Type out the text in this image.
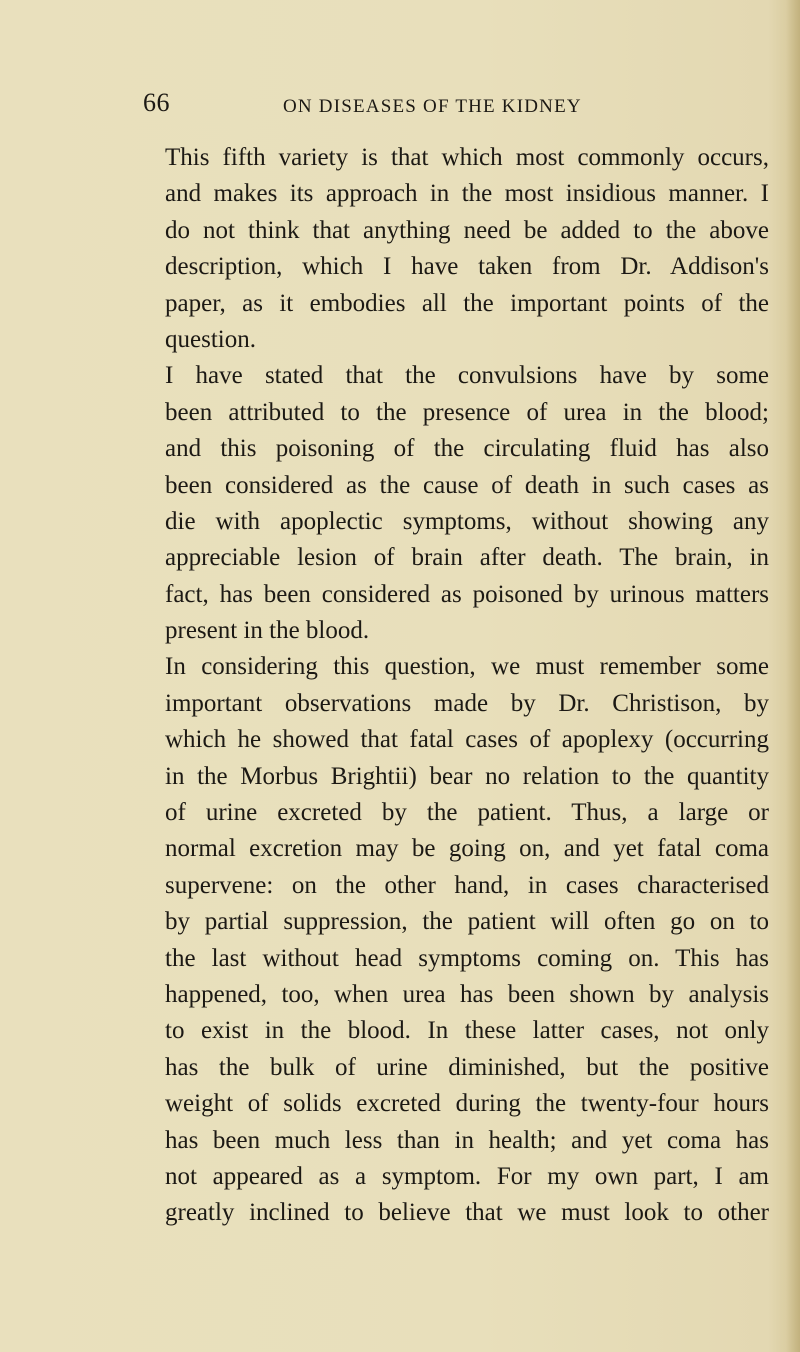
66	ON DISEASES OF THE KIDNEY
This fifth variety is that which most commonly occurs,
and makes its approach in the most insidious manner. I
do not think that anything need be added to the above
description, which I have taken from Dr. Addison's
paper, as it embodies all the important points of the
question.
I have stated that the convulsions have by some
been attributed to the presence of urea in the blood;
and this poisoning of the circulating fluid has also
been considered as the cause of death in such cases as
die with apoplectic symptoms, without showing any
appreciable lesion of brain after death. The brain, in
fact, has been considered as poisoned by urinous matters
present in the blood.
In considering this question, we must remember some
important observations made by Dr. Christison, by
which he showed that fatal cases of apoplexy (occurring
in the Morbus Brightii) bear no relation to the quantity
of urine excreted by the patient. Thus, a large or
normal excretion may be going on, and yet fatal coma
supervene: on the other hand, in cases characterised
by partial suppression, the patient will often go on to
the last without head symptoms coming on. This has
happened, too, when urea has been shown by analysis
to exist in the blood. In these latter cases, not only
has the bulk of urine diminished, but the positive
weight of solids excreted during the twenty-four hours
has been much less than in health; and yet coma has
not appeared as a symptom. For my own part, I am
greatly inclined to believe that we must look to other
